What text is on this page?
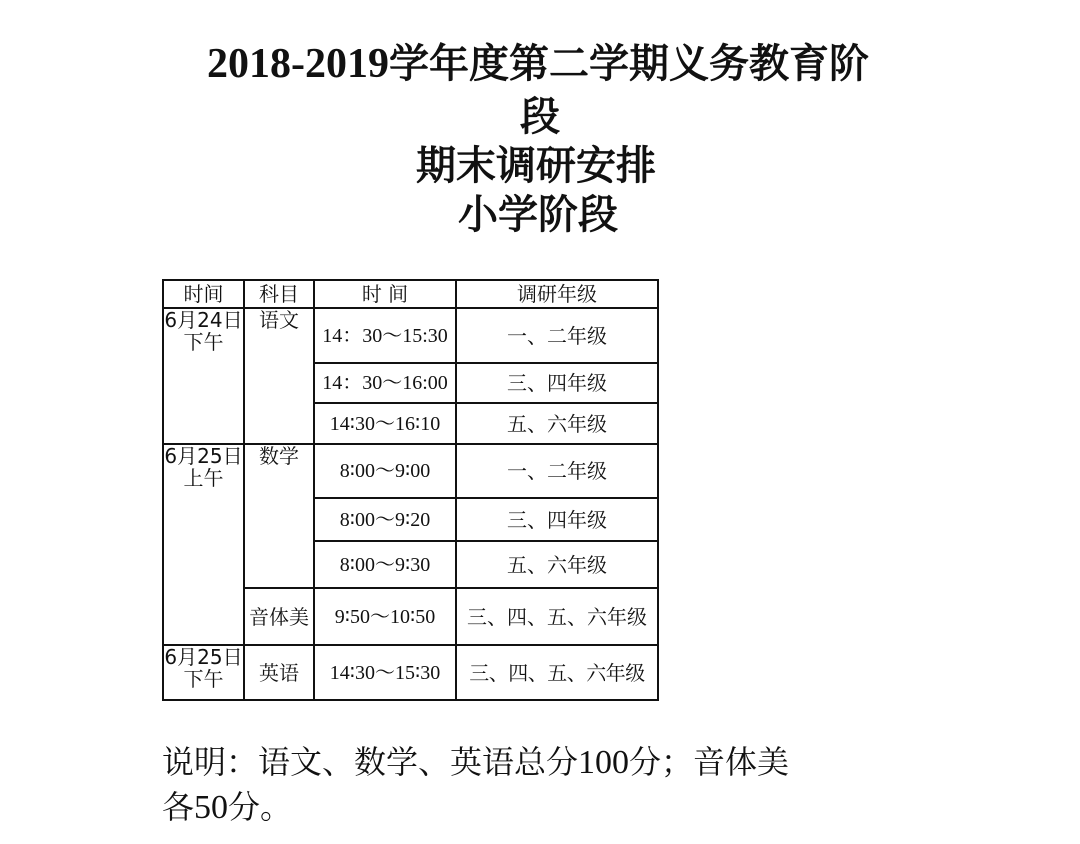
2018-2019学年度第二学期义务教育阶
段
期末调研安排
小学阶段
时间	科目	时 间	调研年级

6月24日
下午	语文	14：30～15:30	一、二年级
		14：30～16:00	三、四年级
		14∶30～16∶10	五、六年级

6月25日
上午	数学	8∶00～9∶00	一、二年级
		8∶00～9∶20	三、四年级
		8∶00～9∶30	五、六年级
	音体美	9∶50～10∶50	三、四、五、六年级

6月25日
下午	英语	14∶30～15∶30	三、四、五、六年级
说明：语文、数学、英语总分100分；音体美
各50分。
